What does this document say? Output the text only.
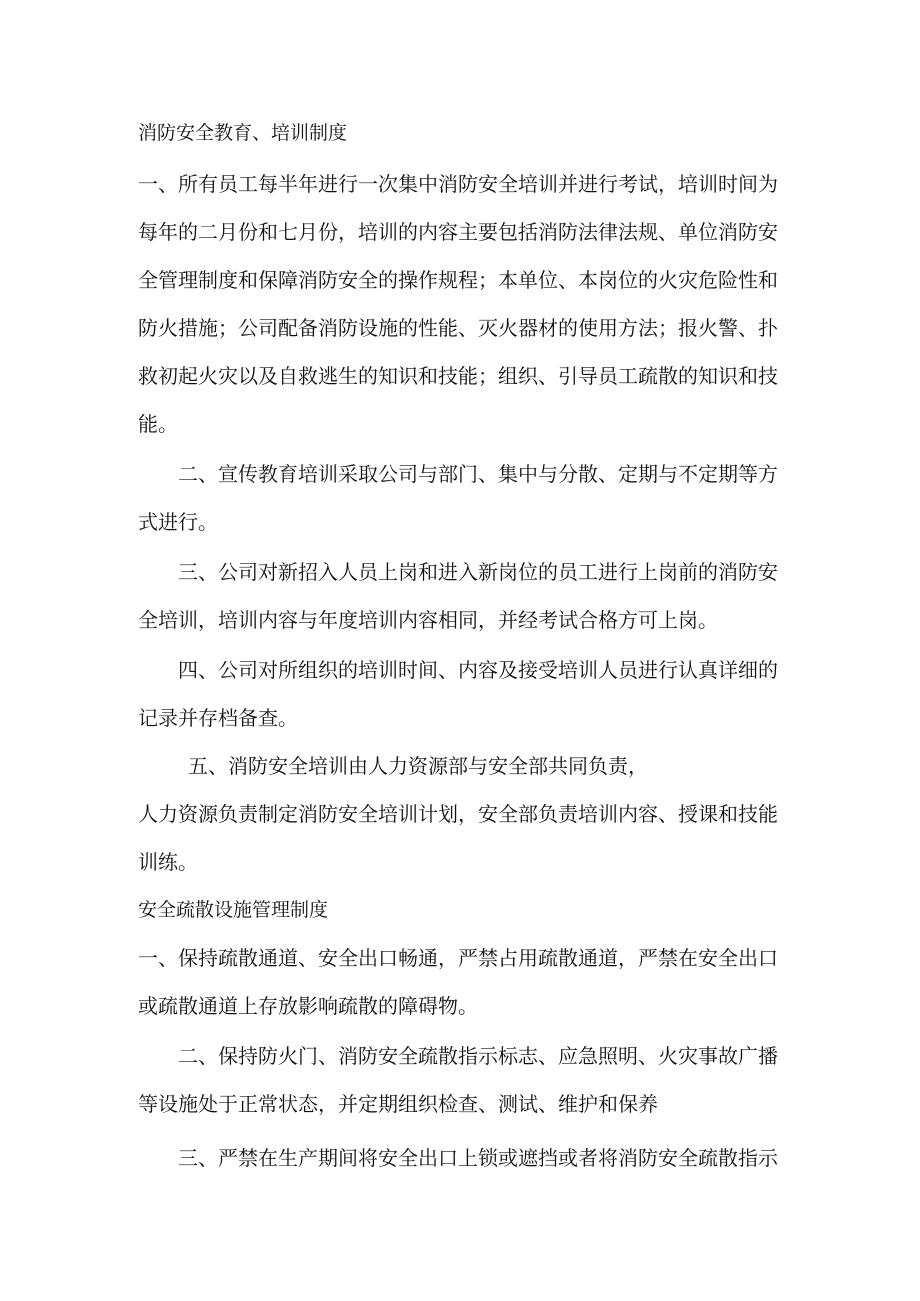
消防安全教育、培训制度
一、所有员工每半年进行一次集中消防安全培训并进行考试，培训时间为
每年的二月份和七月份，培训的内容主要包括消防法律法规、单位消防安
全管理制度和保障消防安全的操作规程；本单位、本岗位的火灾危险性和
防火措施；公司配备消防设施的性能、灭火器材的使用方法；报火警、扑
救初起火灾以及自救逃生的知识和技能；组织、引导员工疏散的知识和技
能。
二、宣传教育培训采取公司与部门、集中与分散、定期与不定期等方
式进行。
三、公司对新招入人员上岗和进入新岗位的员工进行上岗前的消防安
全培训，培训内容与年度培训内容相同，并经考试合格方可上岗。
四、公司对所组织的培训时间、内容及接受培训人员进行认真详细的
记录并存档备查。
五、消防安全培训由人力资源部与安全部共同负责，
人力资源负责制定消防安全培训计划，安全部负责培训内容、授课和技能
训练。
安全疏散设施管理制度
一、保持疏散通道、安全出口畅通，严禁占用疏散通道，严禁在安全出口
或疏散通道上存放影响疏散的障碍物。
二、保持防火门、消防安全疏散指示标志、应急照明、火灾事故广播
等设施处于正常状态，并定期组织检查、测试、维护和保养
三、严禁在生产期间将安全出口上锁或遮挡或者将消防安全疏散指示
